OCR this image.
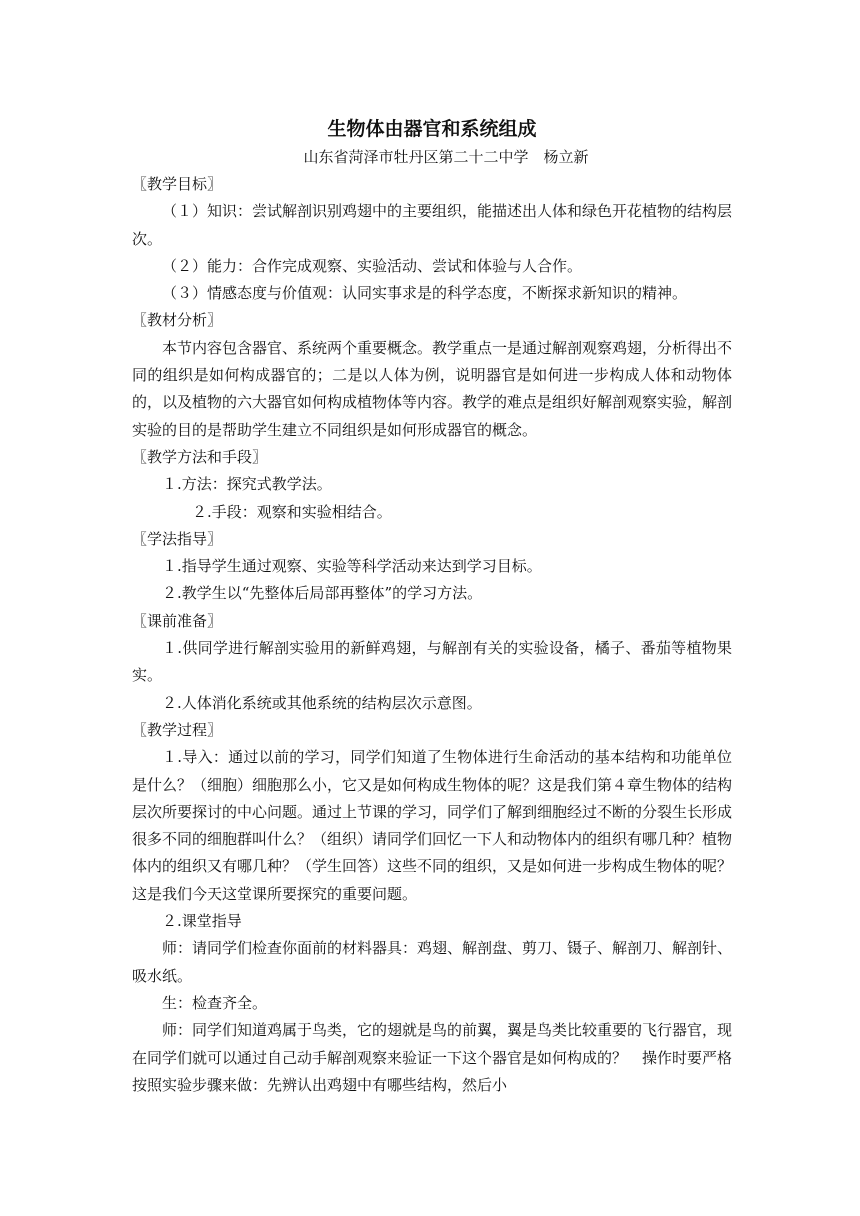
生物体由器官和系统组成

山东省菏泽市牡丹区第二十二中学　杨立新

〖教学目标〗

（１）知识：尝试解剖识别鸡翅中的主要组织，能描述出人体和绿色开花植物的结构层次。

（２）能力：合作完成观察、实验活动、尝试和体验与人合作。

（３）情感态度与价值观：认同实事求是的科学态度，不断探求新知识的精神。

〖教材分析〗

本节内容包含器官、系统两个重要概念。教学重点一是通过解剖观察鸡翅，分析得出不同的组织是如何构成器官的；二是以人体为例，说明器官是如何进一步构成人体和动物体的，以及植物的六大器官如何构成植物体等内容。教学的难点是组织好解剖观察实验，解剖实验的目的是帮助学生建立不同组织是如何形成器官的概念。

〖教学方法和手段〗

１.方法：探究式教学法。

２.手段：观察和实验相结合。

〖学法指导〗

１.指导学生通过观察、实验等科学活动来达到学习目标。

２.教学生以“先整体后局部再整体”的学习方法。

〖课前准备〗

１.供同学进行解剖实验用的新鲜鸡翅，与解剖有关的实验设备，橘子、番茄等植物果实。

２.人体消化系统或其他系统的结构层次示意图。

〖教学过程〗

１.导入：通过以前的学习，同学们知道了生物体进行生命活动的基本结构和功能单位是什么？（细胞）细胞那么小，它又是如何构成生物体的呢？这是我们第４章生物体的结构层次所要探讨的中心问题。通过上节课的学习，同学们了解到细胞经过不断的分裂生长形成很多不同的细胞群叫什么？（组织）请同学们回忆一下人和动物体内的组织有哪几种？植物体内的组织又有哪几种？（学生回答）这些不同的组织，又是如何进一步构成生物体的呢？这是我们今天这堂课所要探究的重要问题。

２.课堂指导

师：请同学们检查你面前的材料器具：鸡翅、解剖盘、剪刀、镊子、解剖刀、解剖针、吸水纸。

生：检查齐全。

师：同学们知道鸡属于鸟类，它的翅就是鸟的前翼，翼是鸟类比较重要的飞行器官，现在同学们就可以通过自己动手解剖观察来验证一下这个器官是如何构成的？　操作时要严格按照实验步骤来做：先辨认出鸡翅中有哪些结构，然后小
